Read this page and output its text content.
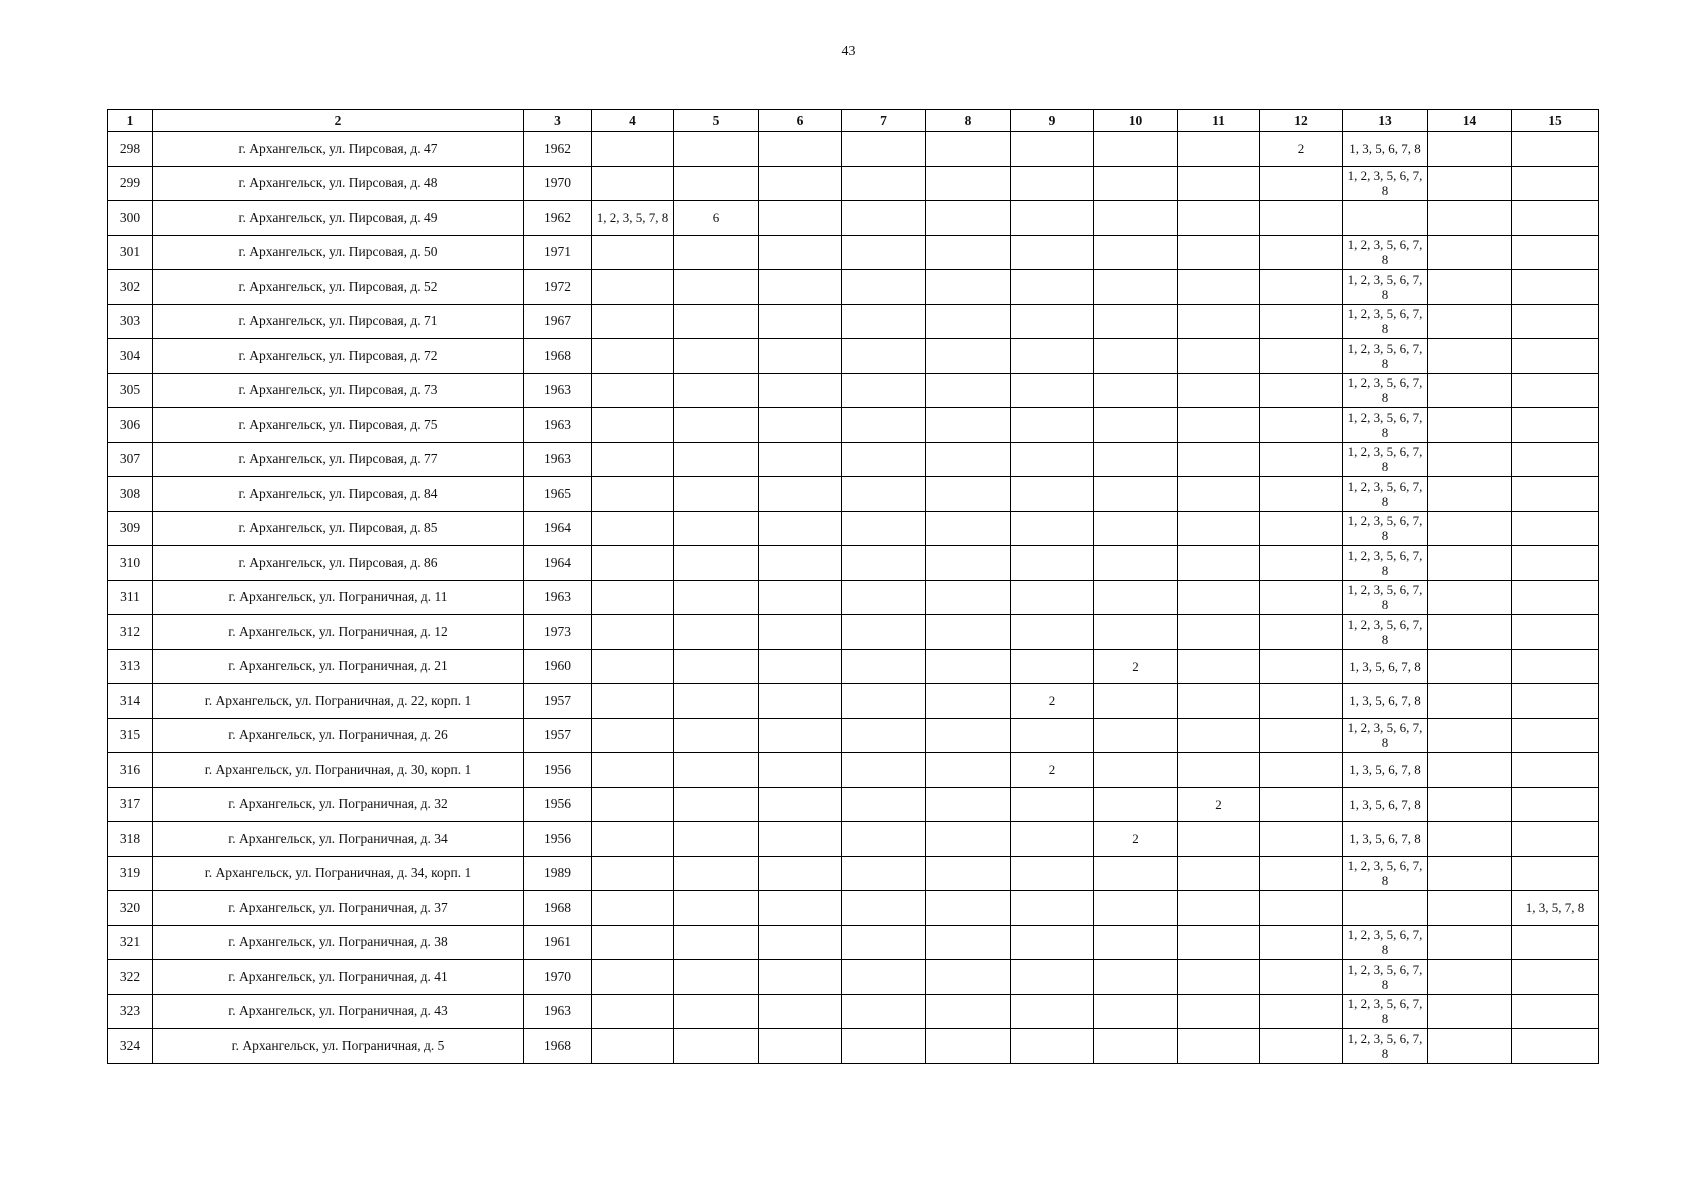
43
1	2	3	4	5	6	7	8	9	10	11	12	13	14	15
298	г. Архангельск, ул. Пирсовая, д. 47	1962									2	1, 3, 5, 6, 7, 8		
299	г. Архангельск, ул. Пирсовая, д. 48	1970										1, 2, 3, 5, 6, 7, 8		
300	г. Архангельск, ул. Пирсовая, д. 49	1962	1, 2, 3, 5, 7, 8	6										
301	г. Архангельск, ул. Пирсовая, д. 50	1971										1, 2, 3, 5, 6, 7, 8		
302	г. Архангельск, ул. Пирсовая, д. 52	1972										1, 2, 3, 5, 6, 7, 8		
303	г. Архангельск, ул. Пирсовая, д. 71	1967										1, 2, 3, 5, 6, 7, 8		
304	г. Архангельск, ул. Пирсовая, д. 72	1968										1, 2, 3, 5, 6, 7, 8		
305	г. Архангельск, ул. Пирсовая, д. 73	1963										1, 2, 3, 5, 6, 7, 8		
306	г. Архангельск, ул. Пирсовая, д. 75	1963										1, 2, 3, 5, 6, 7, 8		
307	г. Архангельск, ул. Пирсовая, д. 77	1963										1, 2, 3, 5, 6, 7, 8		
308	г. Архангельск, ул. Пирсовая, д. 84	1965										1, 2, 3, 5, 6, 7, 8		
309	г. Архангельск, ул. Пирсовая, д. 85	1964										1, 2, 3, 5, 6, 7, 8		
310	г. Архангельск, ул. Пирсовая, д. 86	1964										1, 2, 3, 5, 6, 7, 8		
311	г. Архангельск, ул. Пограничная, д. 11	1963										1, 2, 3, 5, 6, 7, 8		
312	г. Архангельск, ул. Пограничная, д. 12	1973										1, 2, 3, 5, 6, 7, 8		
313	г. Архангельск, ул. Пограничная, д. 21	1960							2			1, 3, 5, 6, 7, 8		
314	г. Архангельск, ул. Пограничная, д. 22, корп. 1	1957						2				1, 3, 5, 6, 7, 8		
315	г. Архангельск, ул. Пограничная, д. 26	1957										1, 2, 3, 5, 6, 7, 8		
316	г. Архангельск, ул. Пограничная, д. 30, корп. 1	1956						2				1, 3, 5, 6, 7, 8		
317	г. Архангельск, ул. Пограничная, д. 32	1956								2		1, 3, 5, 6, 7, 8		
318	г. Архангельск, ул. Пограничная, д. 34	1956							2			1, 3, 5, 6, 7, 8		
319	г. Архангельск, ул. Пограничная, д. 34, корп. 1	1989										1, 2, 3, 5, 6, 7, 8		
320	г. Архангельск, ул. Пограничная, д. 37	1968												1, 3, 5, 7, 8
321	г. Архангельск, ул. Пограничная, д. 38	1961										1, 2, 3, 5, 6, 7, 8		
322	г. Архангельск, ул. Пограничная, д. 41	1970										1, 2, 3, 5, 6, 7, 8		
323	г. Архангельск, ул. Пограничная, д. 43	1963										1, 2, 3, 5, 6, 7, 8		
324	г. Архангельск, ул. Пограничная, д. 5	1968										1, 2, 3, 5, 6, 7, 8		
